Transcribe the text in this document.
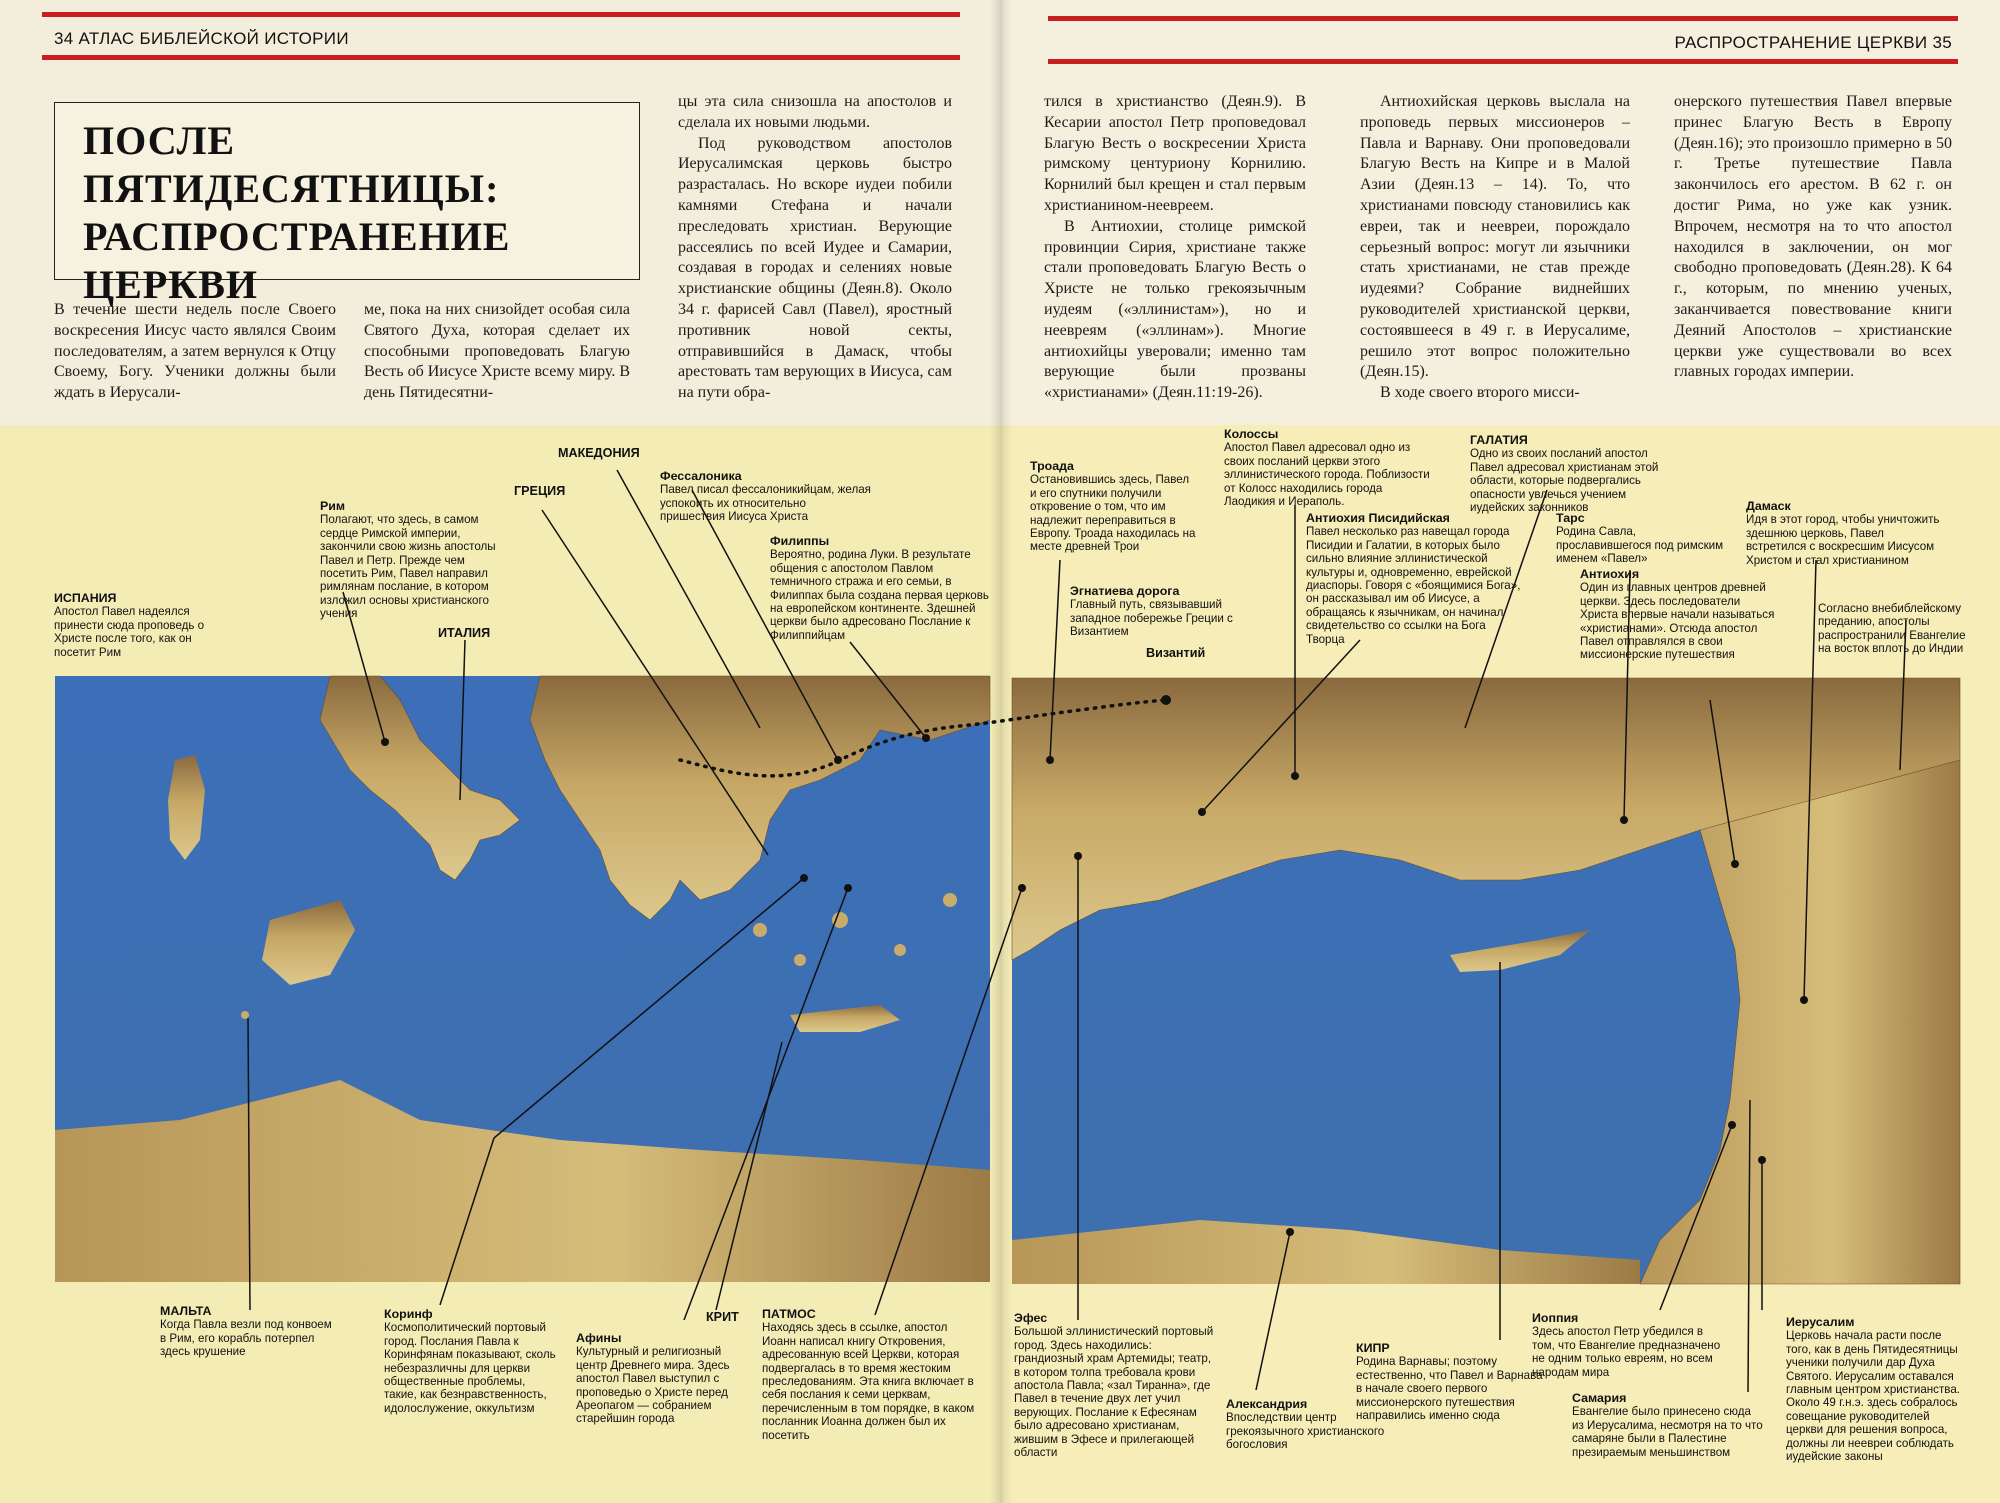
34 АТЛАС БИБЛЕЙСКОЙ ИСТОРИИ	РАСПРОСТРАНЕНИЕ ЦЕРКВИ 35
ПОСЛЕ ПЯТИДЕСЯТНИЦЫ:
РАСПРОСТРАНЕНИЕ
ЦЕРКВИ

В течение шести недель после Своего воскресения Иисус часто являлся Своим последователям, а затем вернулся к Отцу Своему, Богу. Ученики должны были ждать в Иерусали-

ме, пока на них снизойдет особая сила Святого Духа, которая сделает их способными проповедовать Благую Весть об Иисусе Христе всему миру. В день Пятидесятни-

цы эта сила снизошла на апостолов и сделала их новыми людьми.

Под руководством апостолов Иерусалимская церковь быстро разрасталась. Но вскоре иудеи побили камнями Стефана и начали преследовать христиан. Верующие рассеялись по всей Иудее и Самарии, создавая в городах и селениях новые христианские общины (Деян.8). Около 34 г. фарисей Савл (Павел), яростный противник новой секты, отправившийся в Дамаск, чтобы арестовать там верующих в Иисуса, сам на пути обра-

тился в христианство (Деян.9). В Кесарии апостол Петр проповедовал Благую Весть о воскресении Христа римскому центуриону Корнилию. Корнилий был крещен и стал первым христианином-неевреем.

В Антиохии, столице римской провинции Сирия, христиане также стали проповедовать Благую Весть о Христе не только грекоязычным иудеям («эллинистам»), но и неевреям («эллинам»). Многие антиохийцы уверовали; именно там верующие были прозваны «христианами» (Деян.11:19-26).

Антиохийская церковь выслала на проповедь первых миссионеров – Павла и Варнаву. Они проповедовали Благую Весть на Кипре и в Малой Азии (Деян.13 – 14). То, что христианами повсюду становились как евреи, так и неевреи, порождало серьезный вопрос: могут ли язычники стать христианами, не став прежде иудеями? Собрание виднейших руководителей христианской церкви, состоявшееся в 49 г. в Иерусалиме, решило этот вопрос положительно (Деян.15).

В ходе своего второго мисси-

онерского путешествия Павел впервые принес Благую Весть в Европу (Деян.16); это произошло примерно в 50 г. Третье путешествие Павла закончилось его арестом. В 62 г. он достиг Рима, но уже как узник. Впрочем, несмотря на то что апостол находился в заключении, он мог свободно проповедовать (Деян.28). К 64 г., которым, по мнению ученых, заканчивается повествование книги Деяний Апостолов – христианские церкви уже существовали во всех главных городах империи.

МАКЕДОНИЯ
ГРЕЦИЯ
ИТАЛИЯ
КРИТ
Византий
ИСПАНИЯ
Апостол Павел надеялся принести сюда проповедь о Христе после того, как он посетит Рим
Рим
Полагают, что здесь, в самом сердце Римской империи, закончили свою жизнь апостолы Павел и Петр. Прежде чем посетить Рим, Павел направил римлянам послание, в котором изложил основы христианского учения
Фессалоника
Павел писал фессалоникийцам, желая успокоить их относительно пришествия Иисуса Христа
Филиппы
Вероятно, родина Луки. В результате общения с апостолом Павлом темничного стража и его семьи, в Филиппах была создана первая церковь на европейском континенте. Здешней церкви было адресовано Послание к Филиппийцам
Троада
Остановившись здесь, Павел и его спутники получили откровение о том, что им надлежит переправиться в Европу. Троада находилась на месте древней Трои
Колоссы
Апостол Павел адресовал одно из своих посланий церкви этого эллинистического города. Поблизости от Колосс находились города Лаодикия и Иераполь.
ГАЛАТИЯ
Одно из своих посланий апостол Павел адресовал христианам этой области, которые подвергались опасности увлечься учением иудейских законников
Эгнатиева дорога
Главный путь, связывавший западное побережье Греции с Византием
Антиохия Писидийская
Павел несколько раз навещал города Писидии и Галатии, в которых было сильно влияние эллинистической культуры и, одновременно, еврейской диаспоры. Говоря с «боящимися Бога», он рассказывал им об Иисусе, а обращаясь к язычникам, он начинал свидетельство со ссылки на Бога Творца
Тарс
Родина Савла, прославившегося под римским именем «Павел»
Антиохия
Один из главных центров древней церкви. Здесь последователи Христа впервые начали называться «христианами». Отсюда апостол Павел отправлялся в свои миссионерские путешествия
Дамаск
Идя в этот город, чтобы уничтожить здешнюю церковь, Павел встретился с воскресшим Иисусом Христом и стал христианином
Согласно внебиблейскому преданию, апостолы распространили Евангелие на восток вплоть до Индии
МАЛЬТА
Когда Павла везли под конвоем в Рим, его корабль потерпел здесь крушение
Коринф
Космополитический портовый город. Послания Павла к Коринфянам показывают, сколь небезразличны для церкви общественные проблемы, такие, как безнравственность, идолослужение, оккультизм
Афины
Культурный и религиозный центр Древнего мира. Здесь апостол Павел выступил с проповедью о Христе перед Ареопагом — собранием старейшин города
ПАТМОС
Находясь здесь в ссылке, апостол Иоанн написал книгу Откровения, адресованную всей Церкви, которая подвергалась в то время жестоким преследованиям. Эта книга включает в себя послания к семи церквам, перечисленным в том порядке, в каком посланник Иоанна должен был их посетить
Эфес
Большой эллинистический портовый город. Здесь находились: грандиозный храм Артемиды; театр, в котором толпа требовала крови апостола Павла; «зал Тиранна», где Павел в течение двух лет учил верующих. Послание к Ефесянам было адресовано христианам, жившим в Эфесе и прилегающей области
Александрия
Впоследствии центр грекоязычного христианского богословия
КИПР
Родина Варнавы; поэтому естественно, что Павел и Варнава в начале своего первого миссионерского путешествия направились именно сюда
Иоппия
Здесь апостол Петр убедился в том, что Евангелие предназначено не одним только евреям, но всем народам мира
Самария
Евангелие было принесено сюда из Иерусалима, несмотря на то что самаряне были в Палестине презираемым меньшинством
Иерусалим
Церковь начала расти после того, как в день Пятидесятницы ученики получили дар Духа Святого. Иерусалим оставался главным центром христианства. Около 49 г.н.э. здесь собралось совещание руководителей церкви для решения вопроса, должны ли неевреи соблюдать иудейские законы
